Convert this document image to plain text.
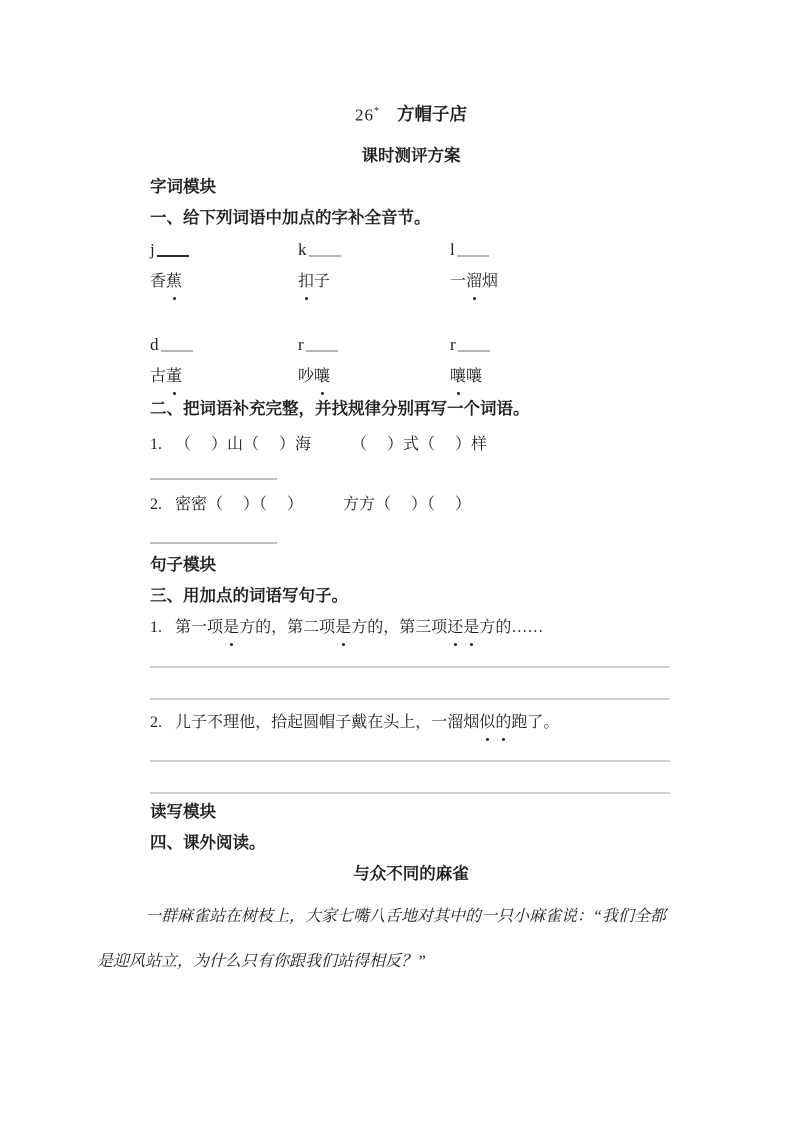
26* 方帽子店
课时测评方案
字词模块
一、给下列词语中加点的字补全音节。
j	k	l
香蕉	扣子	一溜烟
d	r	r
古董	吵嚷	嚷嚷
二、把词语补充完整，并找规律分别再写一个词语。
1. （　 ）山（　 ）海　　　（　 ）式（　 ）样
2. 密密（　 ）（　 ）　　　方方（　 ）（　 ）
句子模块
三、用加点的词语写句子。
1. 第一项是方的，第二项是方的，第三项还是方的……
2. 儿子不理他，拾起圆帽子戴在头上，一溜烟似的跑了。
读写模块
四、课外阅读。
与众不同的麻雀
一群麻雀站在树枝上，大家七嘴八舌地对其中的一只小麻雀说：“我们全都是迎风站立，为什么只有你跟我们站得相反？”
